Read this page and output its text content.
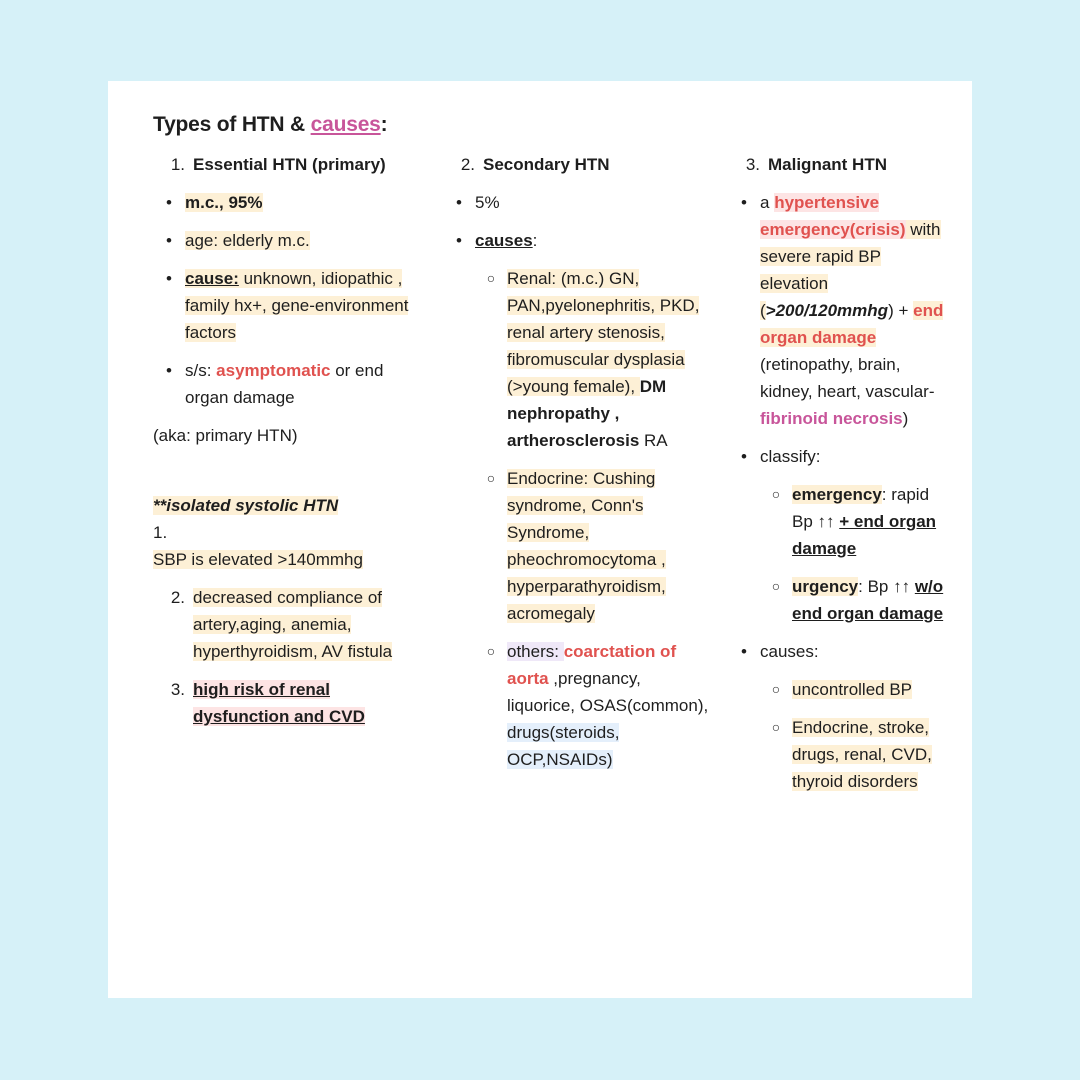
Types of HTN & causes:
1. Essential HTN (primary)
• m.c., 95%
• age: elderly m.c.
• cause: unknown, idiopathic , family hx+, gene-environment factors
• s/s: asymptomatic or end organ damage
(aka: primary HTN)
**isolated systolic HTN
1.
SBP is elevated >140mmhg
2. decreased compliance of artery,aging, anemia, hyperthyroidism, AV fistula
3. high risk of renal dysfunction and CVD
2. Secondary HTN
• 5%
• causes:
○ Renal: (m.c.) GN, PAN,pyelonephritis, PKD, renal artery stenosis, fibromuscular dysplasia (>young female), DM nephropathy , artherosclerosis RA
○ Endocrine: Cushing syndrome, Conn's Syndrome, pheochromocytoma , hyperparathyroidism, acromegaly
○ others: coarctation of aorta ,pregnancy, liquorice, OSAS(common), drugs(steroids, OCP,NSAIDs)
3. Malignant HTN
• a hypertensive emergency(crisis) with severe rapid BP elevation (>200/120mmhg) + end organ damage (retinopathy, brain, kidney, heart, vascular-fibrinoid necrosis)
• classify:
○ emergency: rapid Bp ↑↑ + end organ damage
○ urgency: Bp ↑↑ w/o end organ damage
• causes:
○ uncontrolled BP
○ Endocrine, stroke, drugs, renal, CVD, thyroid disorders
